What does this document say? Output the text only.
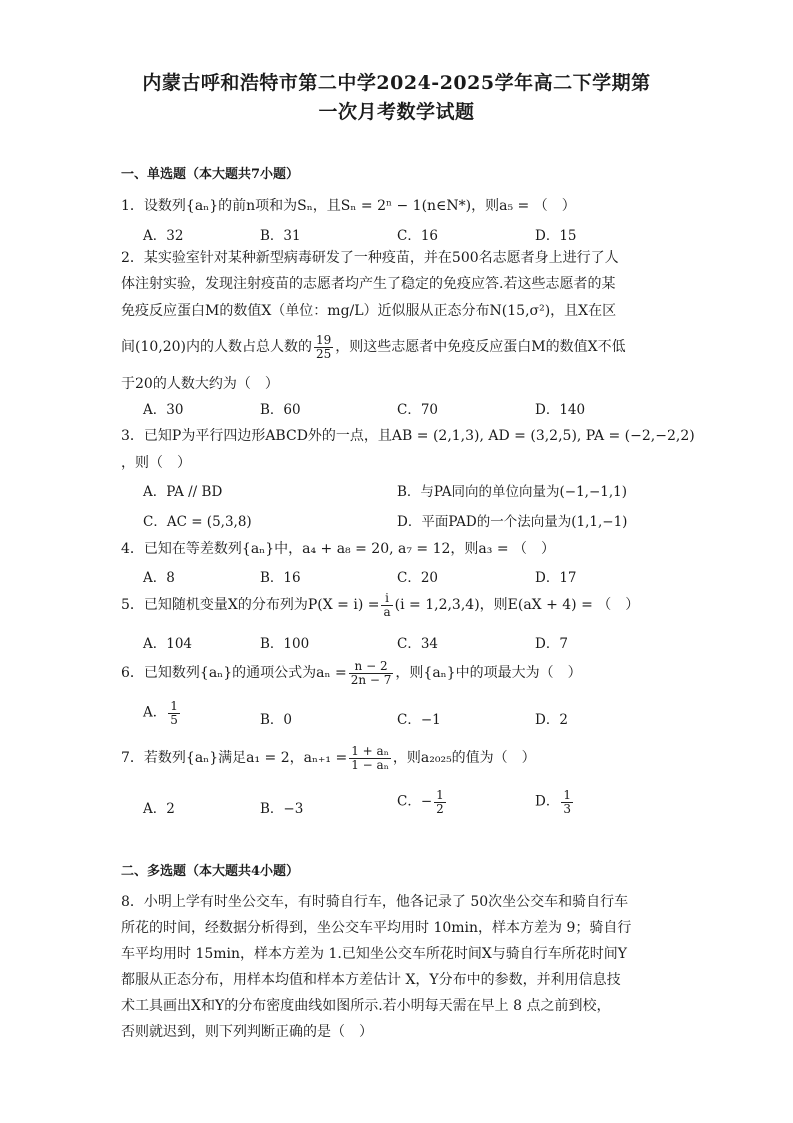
内蒙古呼和浩特市第二中学2024-2025学年高二下学期第
一次月考数学试题
一、单选题（本大题共7小题）
1．设数列{aₙ}的前n项和为Sₙ，且Sₙ = 2ⁿ − 1(n∈N*)，则a₅ = （　）
A．32	B．31	C．16	D．15
2．某实验室针对某种新型病毒研发了一种疫苗，并在500名志愿者身上进行了人
体注射实验，发现注射疫苗的志愿者均产生了稳定的免疫应答.若这些志愿者的某
免疫反应蛋白M的数值X（单位：mg/L）近似服从正态分布N(15,σ²)，且X在区
间(10,20)内的人数占总人数的 $\frac{19}{25}$ ，则这些志愿者中免疫反应蛋白M的数值X不低
于20的人数大约为（　）
A．30	B．60	C．70	D．140
3．已知P为平行四边形ABCD外的一点，且AB = (2,1,3), AD = (3,2,5), PA = (−2,−2,2)
，则（　）
A．PA // BD	B．与PA同向的单位向量为(−1,−1,1)
C．AC = (5,3,8)	D．平面PAD的一个法向量为(1,1,−1)
4．已知在等差数列{aₙ}中，a₄ + a₈ = 20, a₇ = 12，则a₃ = （　）
A．8	B．16	C．20	D．17
5．已知随机变量X的分布列为$P(X = i) = \frac{i}{a} (i = 1,2,3,4)$，则E(aX + 4) = （　）
A．104	B．100	C．34	D．7
6．已知数列{aₙ}的通项公式为$a_n = \frac{n - 2}{2n - 7}$ ，则{aₙ}中的项最大为（　）
A． $\frac{1}{5}$	B．0	C．−1	D．2
7．若数列{aₙ}满足a₁ = 2，$a_{n+1} = \frac{\text{1 + aₙ}}{\text{1 − aₙ}}$ ，则a₂₀₂₅的值为（　）
A．2	B．−3	C．− $\frac{1}{2}$	D． $\frac{1}{3}$
二、多选题（本大题共4小题）
8．小明上学有时坐公交车，有时骑自行车，他各记录了 50次坐公交车和骑自行车
所花的时间，经数据分析得到，坐公交车平均用时 10min，样本方差为 9；骑自行
车平均用时 15min，样本方差为 1.已知坐公交车所花时间X与骑自行车所花时间Y
都服从正态分布，用样本均值和样本方差估计 X，Y分布中的参数，并利用信息技
术工具画出X和Y的分布密度曲线如图所示.若小明每天需在早上 8 点之前到校，
否则就迟到，则下列判断正确的是（　）
